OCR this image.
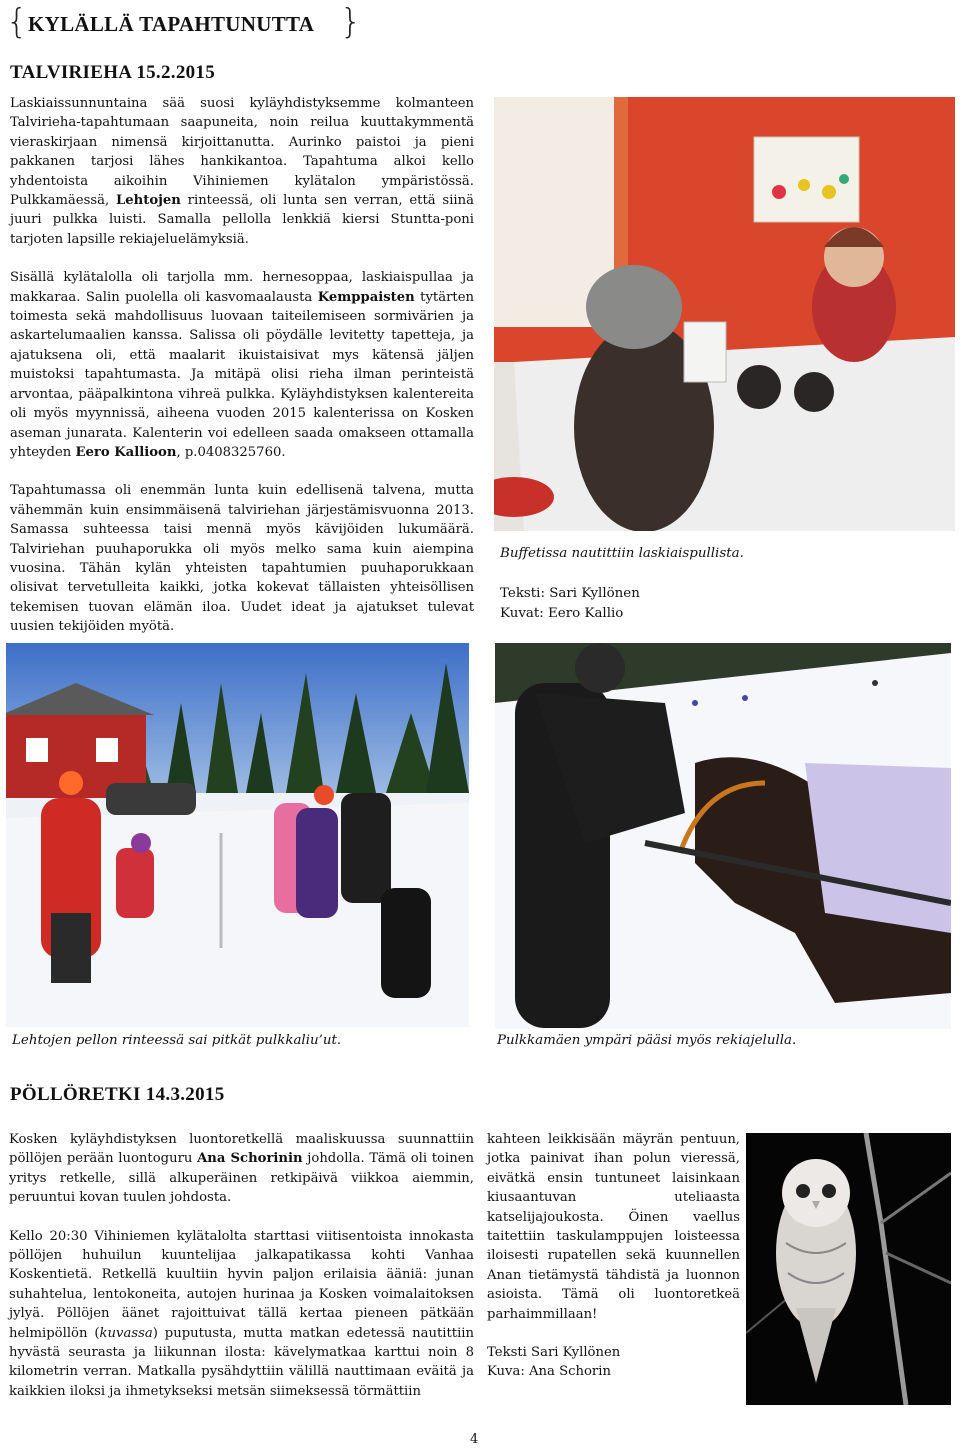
{ KYLÄLLÄ TAPAHTUNUTTA }
TALVIRIEHA 15.2.2015

Laskiaissunnuntaina sää suosi kyläyhdistyksemme kolmanteen Talvirieha-tapahtumaan saapuneita, noin reilua kuuttakymmentä vieraskirjaan nimensä kirjoittanutta. Aurinko paistoi ja pieni pakkanen tarjosi lähes hankikantoa. Tapahtuma alkoi kello yhdentoista aikoihin Vihiniemen kylätalon ympäristössä. Pulkkamäessä, Lehtojen rinteessä, oli lunta sen verran, että siinä juuri pulkka luisti. Samalla pellolla lenkkiä kiersi Stuntta-poni tarjoten lapsille rekiajeluelämyksiä.

Sisällä kylätalolla oli tarjolla mm. hernesoppaa, laskiaispullaa ja makkaraa. Salin puolella oli kasvomaalausta Kemppaisten tytärten toimesta sekä mahdollisuus luovaan taiteilemiseen sormivärien ja askartelumaalien kanssa. Salissa oli pöydälle levitetty tapetteja, ja ajatuksena oli, että maalarit ikuistaisivat mys kätensä jäljen muistoksi tapahtumasta. Ja mitäpä olisi rieha ilman perinteistä arvontaa, pääpalkintona vihreä pulkka. Kyläyhdistyksen kalentereita oli myös myynnissä, aiheena vuoden 2015 kalenterissa on Kosken aseman junarata. Kalenterin voi edelleen saada omakseen ottamalla yhteyden Eero Kallioon, p.0408325760.

Tapahtumassa oli enemmän lunta kuin edellisenä talvena, mutta vähemmän kuin ensimmäisenä talviriehan järjestämisvuonna 2013. Samassa suhteessa taisi mennä myös kävijöiden lukumäärä. Talviriehan puuhaporukka oli myös melko sama kuin aiempina vuosina. Tähän kylän yhteisten tapahtumien puuhaporukkaan olisivat tervetulleita kaikki, jotka kokevat tällaisten yhteisöllisen tekemisen tuovan elämän iloa. Uudet ideat ja ajatukset tulevat uusien tekijöiden myötä.

Buffetissa nautittiin laskiaispullista.
Teksti: Sari Kyllönen
Kuvat: Eero Kallio
Lehtojen pellon rinteessä sai pitkät pulkkaliu’ut.	Pulkkamäen ympäri pääsi myös rekiajelulla.
PÖLLÖRETKI 14.3.2015

Kosken kyläyhdistyksen luontoretkellä maaliskuussa suunnattiin pöllöjen perään luontoguru Ana Schorinin johdolla. Tämä oli toinen yritys retkelle, sillä alkuperäinen retkipäivä viikkoa aiemmin, peruuntui kovan tuulen johdosta.

Kello 20:30 Vihiniemen kylätalolta starttasi viitisentoista innokasta pöllöjen huhuilun kuuntelijaa jalkapatikassa kohti Vanhaa Koskentietä. Retkellä kuultiin hyvin paljon erilaisia ääniä: junan suhahtelua, lentokoneita, autojen hurinaa ja Kosken voimalaitoksen jylyä. Pöllöjen äänet rajoittuivat tällä kertaa pieneen pätkään helmipöllön (kuvassa) puputusta, mutta matkan edetessä nautittiin hyvästä seurasta ja liikunnan ilosta: kävelymatkaa karttui noin 8 kilometrin verran. Matkalla pysähdyttiin välillä nauttimaan eväitä ja kaikkien iloksi ja ihmetykseksi metsän siimeksessä törmättiin

kahteen leikkisään mäyrän pentuun, jotka painivat ihan polun vieressä, eivätkä ensin tuntuneet laisinkaan kiusaantuvan uteliaasta katselijajoukosta. Öinen vaellus taitettiin taskulamppujen loisteessa iloisesti rupatellen sekä kuunnellen Anan tietämystä tähdistä ja luonnon asioista. Tämä oli luontoretkeä parhaimmillaan!

Teksti Sari Kyllönen
Kuva: Ana Schorin
4
